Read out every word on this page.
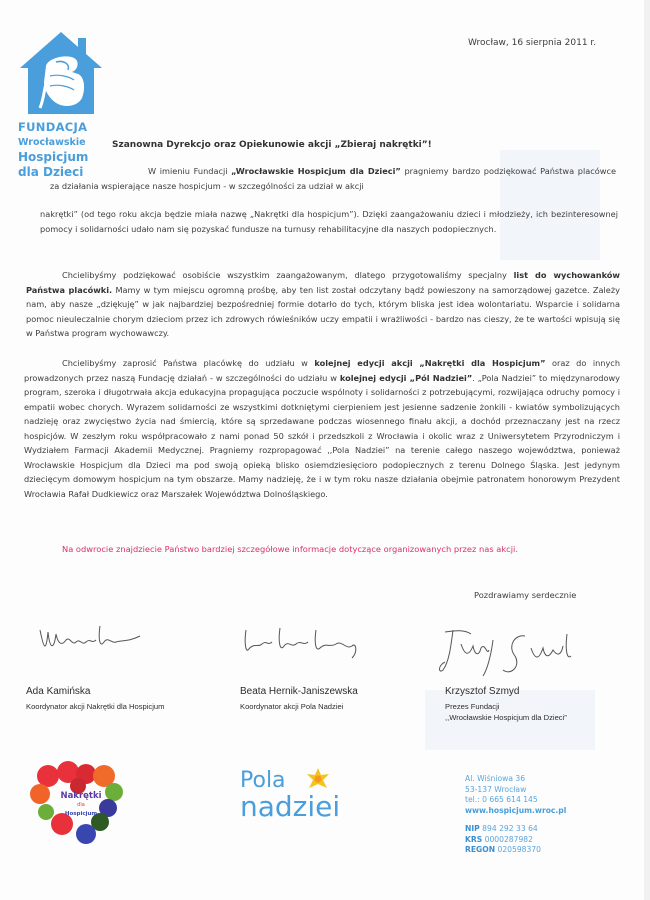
FUNDACJA
Wrocławskie
Hospicjum
dla Dzieci
Wrocław, 16 sierpnia 2011 r.
Szanowna Dyrekcjo oraz Opiekunowie akcji „Zbieraj nakrętki”!
W imieniu Fundacji „Wrocławskie Hospicjum dla Dzieci” pragniemy bardzo podziękować Państwa placówce za działania wspierające nasze hospicjum - w szczególności za udział w akcji
nakrętki” (od tego roku akcja będzie miała nazwę „Nakrętki dla hospicjum”). Dzięki zaangażowaniu dzieci i młodzieży, ich bezinteresownej pomocy i solidarności udało nam się pozyskać fundusze na turnusy rehabilitacyjne dla naszych podopiecznych.
Chcielibyśmy podziękować osobiście wszystkim zaangażowanym, dlatego przygotowaliśmy specjalny list do wychowanków Państwa placówki. Mamy w tym miejscu ogromną prośbę, aby ten list został odczytany bądź powieszony na samorządowej gazetce. Zależy nam, aby nasze „dziękuję” w jak najbardziej bezpośredniej formie dotarło do tych, którym bliska jest idea wolontariatu. Wsparcie i solidarna pomoc nieuleczalnie chorym dzieciom przez ich zdrowych rówieśników uczy empatii i wrażliwości - bardzo nas cieszy, że te wartości wpisują się w Państwa program wychowawczy.
Chcielibyśmy zaprosić Państwa placówkę do udziału w kolejnej edycji akcji „Nakrętki dla Hospicjum” oraz do innych prowadzonych przez naszą Fundację działań - w szczególności do udziału w kolejnej edycji „Pól Nadziei”. „Pola Nadziei” to międzynarodowy program, szeroka i długotrwała akcja edukacyjna propagująca poczucie wspólnoty i solidarności z potrzebującymi, rozwijająca odruchy pomocy i empatii wobec chorych. Wyrazem solidarności ze wszystkimi dotkniętymi cierpieniem jest jesienne sadzenie żonkili - kwiatów symbolizujących nadzieję oraz zwycięstwo życia nad śmiercią, które są sprzedawane podczas wiosennego finału akcji, a dochód przeznaczany jest na rzecz hospicjów. W zeszłym roku współpracowało z nami ponad 50 szkół i przedszkoli z Wrocławia i okolic wraz z Uniwersytetem Przyrodniczym i Wydziałem Farmacji Akademii Medycznej. Pragniemy rozpropagować ,,Pola Nadziei” na terenie całego naszego województwa, ponieważ Wrocławskie Hospicjum dla Dzieci ma pod swoją opieką blisko osiemdziesięcioro podopiecznych z terenu Dolnego Śląska. Jest jedynym dziecięcym domowym hospicjum na tym obszarze. Mamy nadzieję, że i w tym roku nasze działania obejmie patronatem honorowym Prezydent Wrocławia Rafał Dudkiewicz oraz Marszałek Województwa Dolnośląskiego.
Na odwrocie znajdziecie Państwo bardziej szczegółowe informacje dotyczące organizowanych przez nas akcji.
Pozdrawiamy serdecznie
Ada Kamińska
Koordynator akcji Nakrętki dla Hospicjum
Beata Hernik-Janiszewska
Koordynator akcji Pola Nadziei
Krzysztof Szmyd
Prezes Fundacji
,,Wrocławskie Hospicjum dla Dzieci”
Nakrętki
dla
Hospicjum
Pola
nadziei
Al. Wiśniowa 36
53-137 Wrocław
tel.: 0 665 614 145
www.hospicjum.wroc.pl
NIP 894 292 33 64
KRS 0000287982
REGON 020598370
